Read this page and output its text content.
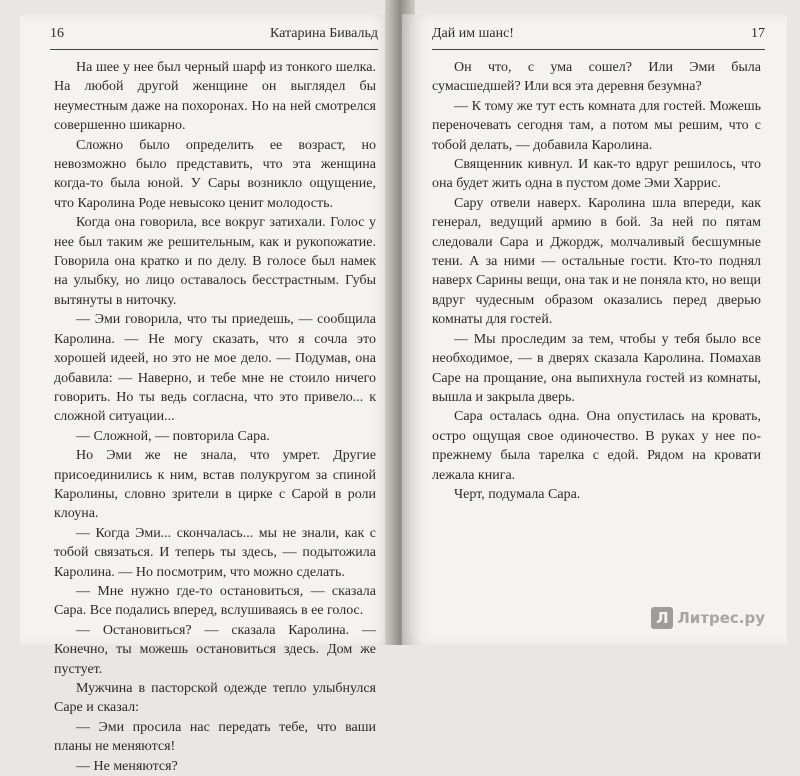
16	Катарина Бивальд

На шее у нее был черный шарф из тонкого шелка. На любой другой женщине он выглядел бы неуместным даже на похоронах. Но на ней смотрелся совершенно шикарно.

Сложно было определить ее возраст, но невозможно было представить, что эта женщина когда-то была юной. У Сары возникло ощущение, что Каролина Роде невысоко ценит молодость.

Когда она говорила, все вокруг затихали. Голос у нее был таким же решительным, как и рукопожатие. Говорила она кратко и по делу. В голосе был намек на улыбку, но лицо оставалось бесстрастным. Губы вытянуты в ниточку.

— Эми говорила, что ты приедешь, — сообщила Каролина. — Не могу сказать, что я сочла это хорошей идеей, но это не мое дело. — Подумав, она добавила: — Наверно, и тебе мне не стоило ничего говорить. Но ты ведь согласна, что это привело... к сложной ситуации...

— Сложной, — повторила Сара.

Но Эми же не знала, что умрет. Другие присоединились к ним, встав полукругом за спиной Каролины, словно зрители в цирке с Сарой в роли клоуна.

— Когда Эми... скончалась... мы не знали, как с тобой связаться. И теперь ты здесь, — подытожила Каролина. — Но посмотрим, что можно сделать.

— Мне нужно где-то остановиться, — сказала Сара. Все подались вперед, вслушиваясь в ее голос.

— Остановиться? — сказала Каролина. — Конечно, ты можешь остановиться здесь. Дом же пустует.

Мужчина в пасторской одежде тепло улыбнулся Саре и сказал:

— Эми просила нас передать тебе, что ваши планы не меняются!

— Не меняются?

Дай им шанс!	17

Он что, с ума сошел? Или Эми была сумасшедшей? Или вся эта деревня безумна?

— К тому же тут есть комната для гостей. Можешь переночевать сегодня там, а потом мы решим, что с тобой делать, — добавила Каролина.

Священник кивнул. И как-то вдруг решилось, что она будет жить одна в пустом доме Эми Харрис.

Сару отвели наверх. Каролина шла впереди, как генерал, ведущий армию в бой. За ней по пятам следовали Сара и Джордж, молчаливый бесшумные тени. А за ними — остальные гости. Кто-то поднял наверх Сарины вещи, она так и не поняла кто, но вещи вдруг чудесным образом оказались перед дверью комнаты для гостей.

— Мы проследим за тем, чтобы у тебя было все необходимое, — в дверях сказала Каролина. Помахав Саре на прощание, она выпихнула гостей из комнаты, вышла и закрыла дверь.

Сара осталась одна. Она опустилась на кровать, остро ощущая свое одиночество. В руках у нее по-прежнему была тарелка с едой. Рядом на кровати лежала книга.

Черт, подумала Сара.

Л Литрес.ру
